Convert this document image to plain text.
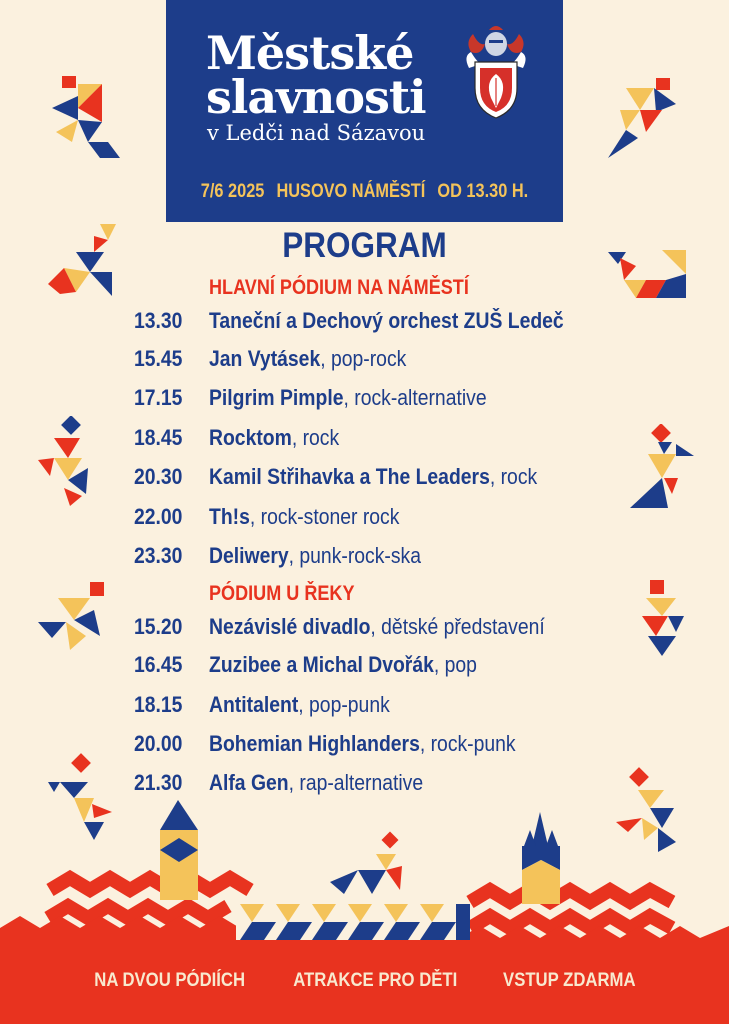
Městské
slavnosti
v Ledči nad Sázavou
7/6 2025 HUSOVO NÁMĚSTÍ OD 13.30 H.
PROGRAM
HLAVNÍ PÓDIUM NA NÁMĚSTÍ
13.30 Taneční a Dechový orchest ZUŠ Ledeč
15.45 Jan Vytásek, pop-rock
17.15 Pilgrim Pimple, rock-alternative
18.45 Rocktom, rock
20.30 Kamil Střihavka a The Leaders, rock
22.00 Th!s, rock-stoner rock
23.30 Deliwery, punk-rock-ska
PÓDIUM U ŘEKY
15.20 Nezávislé divadlo, dětské představení
16.45 Zuzibee a Michal Dvořák, pop
18.15 Antitalent, pop-punk
20.00 Bohemian Highlanders, rock-punk
21.30 Alfa Gen, rap-alternative
NA DVOU PÓDIÍCH ATRAKCE PRO DĚTI VSTUP ZDARMA
